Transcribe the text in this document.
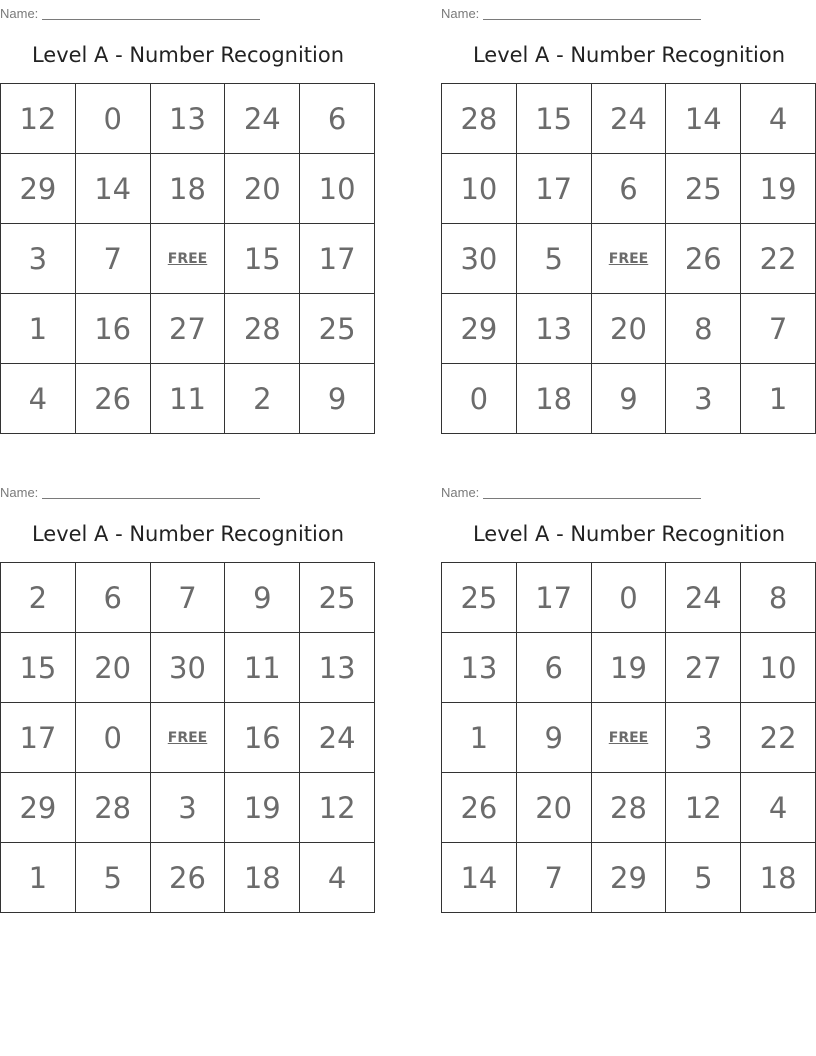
Name:
Level A - Number Recognition
12	0	13	24	6
29	14	18	20	10
3	7	FREE	15	17
1	16	27	28	25
4	26	11	2	9
Name:
Level A - Number Recognition
28	15	24	14	4
10	17	6	25	19
30	5	FREE	26	22
29	13	20	8	7
0	18	9	3	1
Name:
Level A - Number Recognition
2	6	7	9	25
15	20	30	11	13
17	0	FREE	16	24
29	28	3	19	12
1	5	26	18	4
Name:
Level A - Number Recognition
25	17	0	24	8
13	6	19	27	10
1	9	FREE	3	22
26	20	28	12	4
14	7	29	5	18
